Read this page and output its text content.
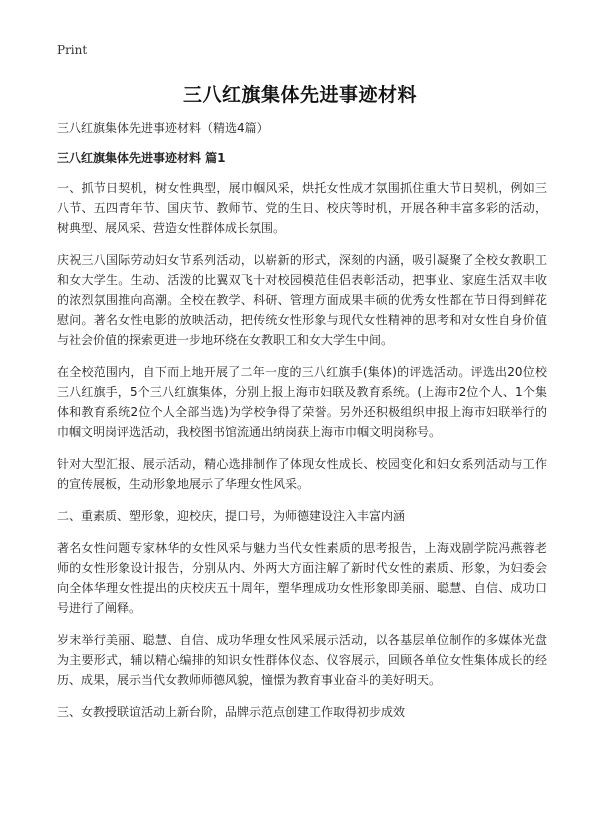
Print
三八红旗集体先进事迹材料
三八红旗集体先进事迹材料（精选4篇）
三八红旗集体先进事迹材料 篇1

一、抓节日契机，树女性典型，展巾帼风采，烘托女性成才氛围抓住重大节日契机，例如三八节、五四青年节、国庆节、教师节、党的生日、校庆等时机，开展各种丰富多彩的活动，树典型、展风采、营造女性群体成长氛围。

庆祝三八国际劳动妇女节系列活动，以崭新的形式，深刻的内涵，吸引凝聚了全校女教职工和女大学生。生动、活泼的比翼双飞十对校园模范佳侣表彰活动，把事业、家庭生活双丰收的浓烈氛围推向高潮。全校在教学、科研、管理方面成果丰硕的优秀女性都在节日得到鲜花慰问。著名女性电影的放映活动，把传统女性形象与现代女性精神的思考和对女性自身价值与社会价值的探索更进一步地环绕在女教职工和女大学生中间。

在全校范围内，自下而上地开展了二年一度的三八红旗手(集体)的评选活动。评选出20位校三八红旗手，5个三八红旗集体，分别上报上海市妇联及教育系统。(上海市2位个人、1个集体和教育系统2位个人全部当选)为学校争得了荣誉。另外还积极组织申报上海市妇联举行的巾帼文明岗评选活动，我校图书馆流通出纳岗获上海市巾帼文明岗称号。

针对大型汇报、展示活动，精心选排制作了体现女性成长、校园变化和妇女系列活动与工作的宣传展板，生动形象地展示了华理女性风采。

二、重素质、塑形象，迎校庆，提口号，为师德建设注入丰富内涵

著名女性问题专家林华的女性风采与魅力当代女性素质的思考报告，上海戏剧学院冯燕蓉老师的女性形象设计报告，分别从内、外两大方面注解了新时代女性的素质、形象，为妇委会向全体华理女性提出的庆校庆五十周年，塑华理成功女性形象即美丽、聪慧、自信、成功口号进行了阐释。

岁末举行美丽、聪慧、自信、成功华理女性风采展示活动，以各基层单位制作的多媒体光盘为主要形式，辅以精心编排的知识女性群体仪态、仪容展示，回顾各单位女性集体成长的经历、成果，展示当代女教师师德风貌，憧憬为教育事业奋斗的美好明天。

三、女教授联谊活动上新台阶，品牌示范点创建工作取得初步成效
